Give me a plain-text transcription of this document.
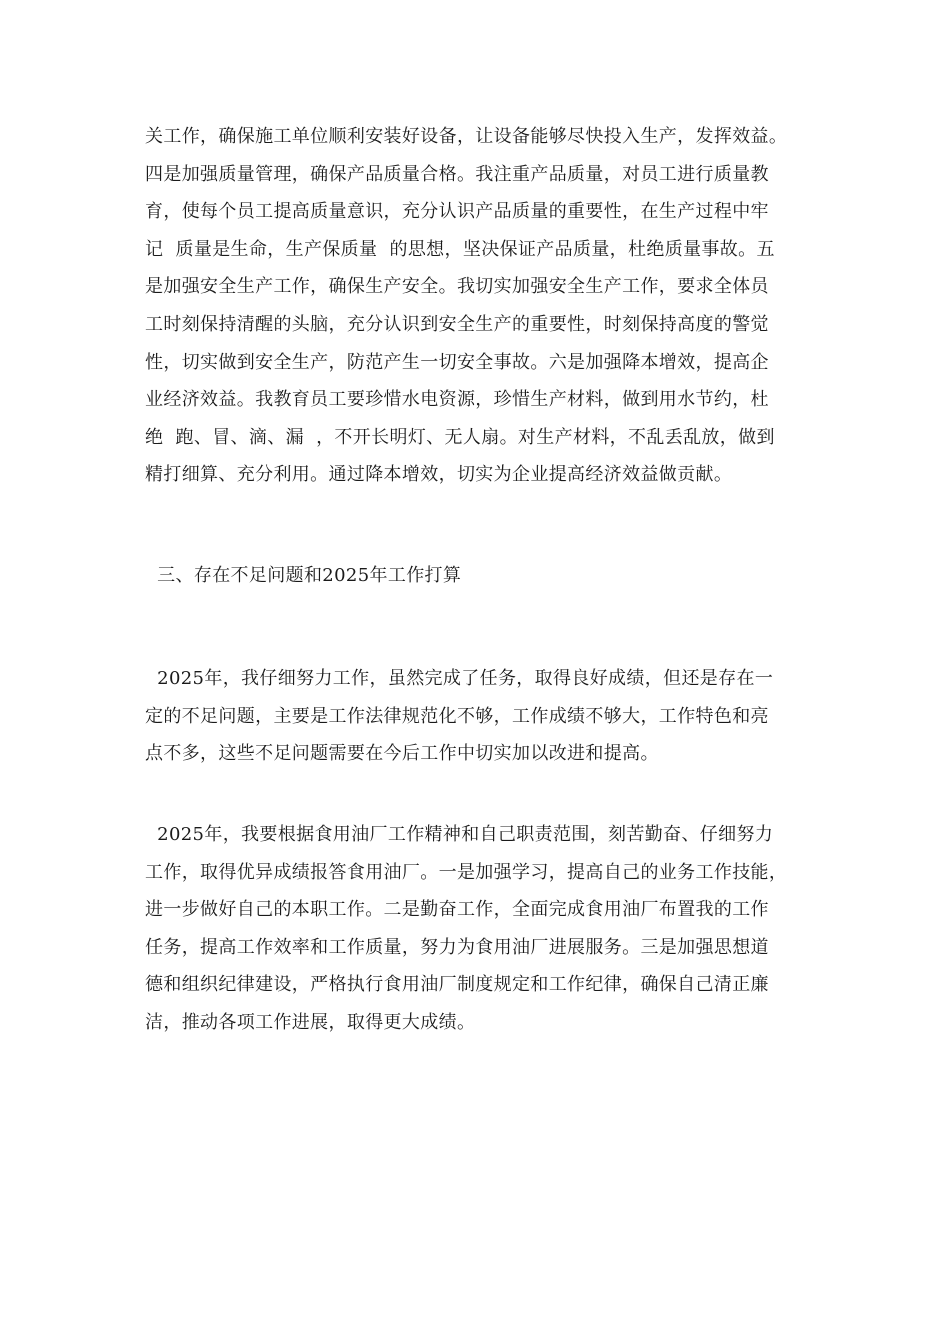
关工作，确保施工单位顺利安装好设备，让设备能够尽快投入生产，发挥效益。
四是加强质量管理，确保产品质量合格。我注重产品质量，对员工进行质量教
育，使每个员工提高质量意识，充分认识产品质量的重要性，在生产过程中牢
记  质量是生命，生产保质量  的思想，坚决保证产品质量，杜绝质量事故。五
是加强安全生产工作，确保生产安全。我切实加强安全生产工作，要求全体员
工时刻保持清醒的头脑，充分认识到安全生产的重要性，时刻保持高度的警觉
性，切实做到安全生产，防范产生一切安全事故。六是加强降本增效，提高企
业经济效益。我教育员工要珍惜水电资源，珍惜生产材料，做到用水节约，杜
绝  跑、冒、滴、漏  ，不开长明灯、无人扇。对生产材料，不乱丢乱放，做到
精打细算、充分利用。通过降本增效，切实为企业提高经济效益做贡献。
三、存在不足问题和2025年工作打算
2025年，我仔细努力工作，虽然完成了任务，取得良好成绩，但还是存在一
定的不足问题，主要是工作法律规范化不够，工作成绩不够大，工作特色和亮
点不多，这些不足问题需要在今后工作中切实加以改进和提高。
2025年，我要根据食用油厂工作精神和自己职责范围，刻苦勤奋、仔细努力
工作，取得优异成绩报答食用油厂。一是加强学习，提高自己的业务工作技能，
进一步做好自己的本职工作。二是勤奋工作，全面完成食用油厂布置我的工作
任务，提高工作效率和工作质量，努力为食用油厂进展服务。三是加强思想道
德和组织纪律建设，严格执行食用油厂制度规定和工作纪律，确保自己清正廉
洁，推动各项工作进展，取得更大成绩。
